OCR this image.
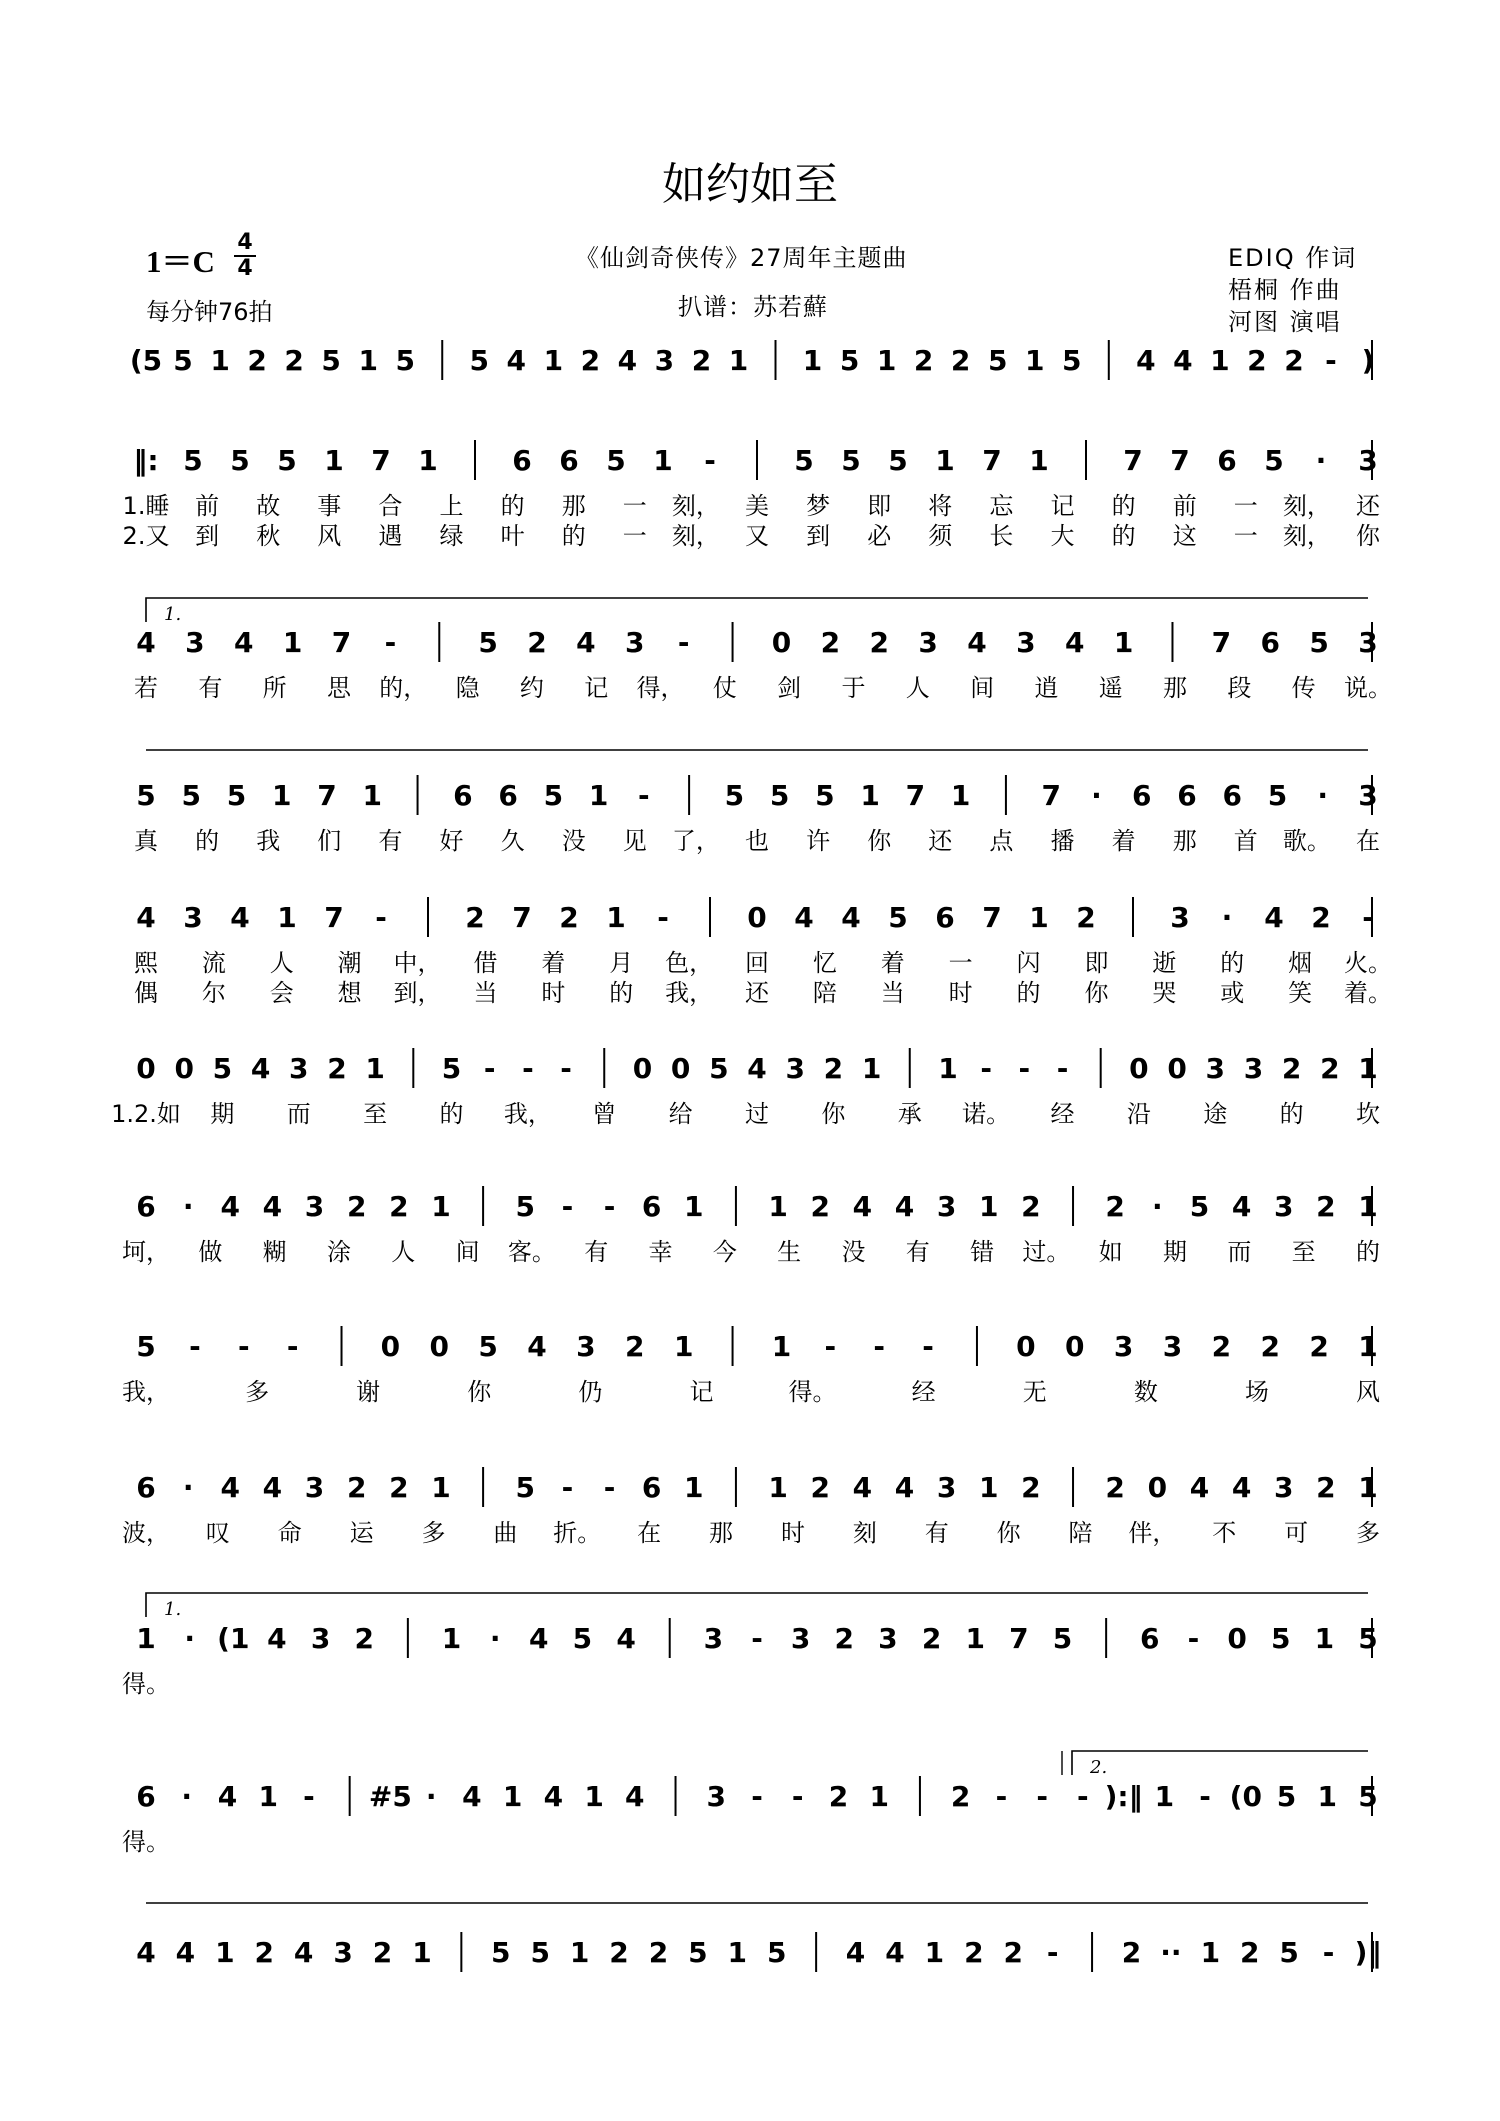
如约如至
1＝C
4
4
每分钟76拍
《仙剑奇侠传》27周年主题曲
扒谱：苏若蘚
EDIQ 作词
梧桐 作曲
河图 演唱
1.
1.
2.
(5 5 1 2 2 5 1 5 5 4 1 2 4 3 2 1 1 5 1 2 2 5 1 5 4 4 1 2 2 - )
‖: 5 5 5 1 7 1	6 6 5 1 -	5 5 5 1 7 1	7 7 6 5 · 3
1.睡 前 故 事 合 上 的 那 一 刻， 美 梦 即 将 忘 记 的 前 一 刻， 还
2.又 到 秋 风 遇 绿 叶 的 一 刻， 又 到 必 须 长 大 的 这 一 刻， 你
4 3 4 1 7 -	5 2 4 3 -	0 2 2 3 4 3 4 1	7 6 5 3
若 有 所 思 的， 隐 约 记 得， 仗 剑 于 人 间 逍 遥 那 段 传 说。
5 5 5 1 7 1	6 6 5 1 -	5 5 5 1 7 1	7 · 6 6 6 5 · 3
真 的 我 们 有 好 久 没 见 了， 也 许 你 还 点 播 着 那 首 歌。 在
4 3 4 1 7 -	2 7 2 1 -	0 4 4 5 6 7 1 2	3 · 4 2 -
熙 流 人 潮 中， 借 着 月 色， 回 忆 着 一 闪 即 逝 的 烟 火。
偶 尔 会 想 到， 当 时 的 我， 还 陪 当 时 的 你 哭 或 笑 着。
0 0 5 4 3 2 1 5 - - - 0 0 5 4 3 2 1 1 - - - 0 0 3 3 2 2 1
1.2.如 期 而 至 的 我， 曾 给 过 你 承 诺。 经 沿 途 的 坎
6 · 4 4 3 2 2 1 5 - - 6 1 1 2 4 4 3 1 2 2 · 5 4 3 2 1
坷， 做 糊 涂 人 间 客。 有 幸 今 生 没 有 错 过。 如 期 而 至 的
5 - - -	0 0 5 4 3 2 1	1 - - -	0 0 3 3 2 2 2 1
我，	多	谢	你	仍	记	得。	经	无	数	场	风
6 · 4 4 3 2 2 1 5 - - 6 1 1 2 4 4 3 1 2 2 0 4 4 3 2 1
波， 叹 命 运 多 曲 折。 在 那 时 刻 有 你 陪 伴， 不 可 多
1 · (1 4 3 2 1 · 4 5 4 3 - 3 2 3 2 1 7 5 6 - 0 5 1 5
得。
6 · 4 1 - #5 · 4 1 4 1 4 3 - - 2 1 2 - - - ):‖ 1 - (0 5 1 5
得。
4 4 1 2 4 3 2 1 5 5 1 2 2 5 1 5 4 4 1 2 2 - 2 ·· 1 2 5 - )‖
